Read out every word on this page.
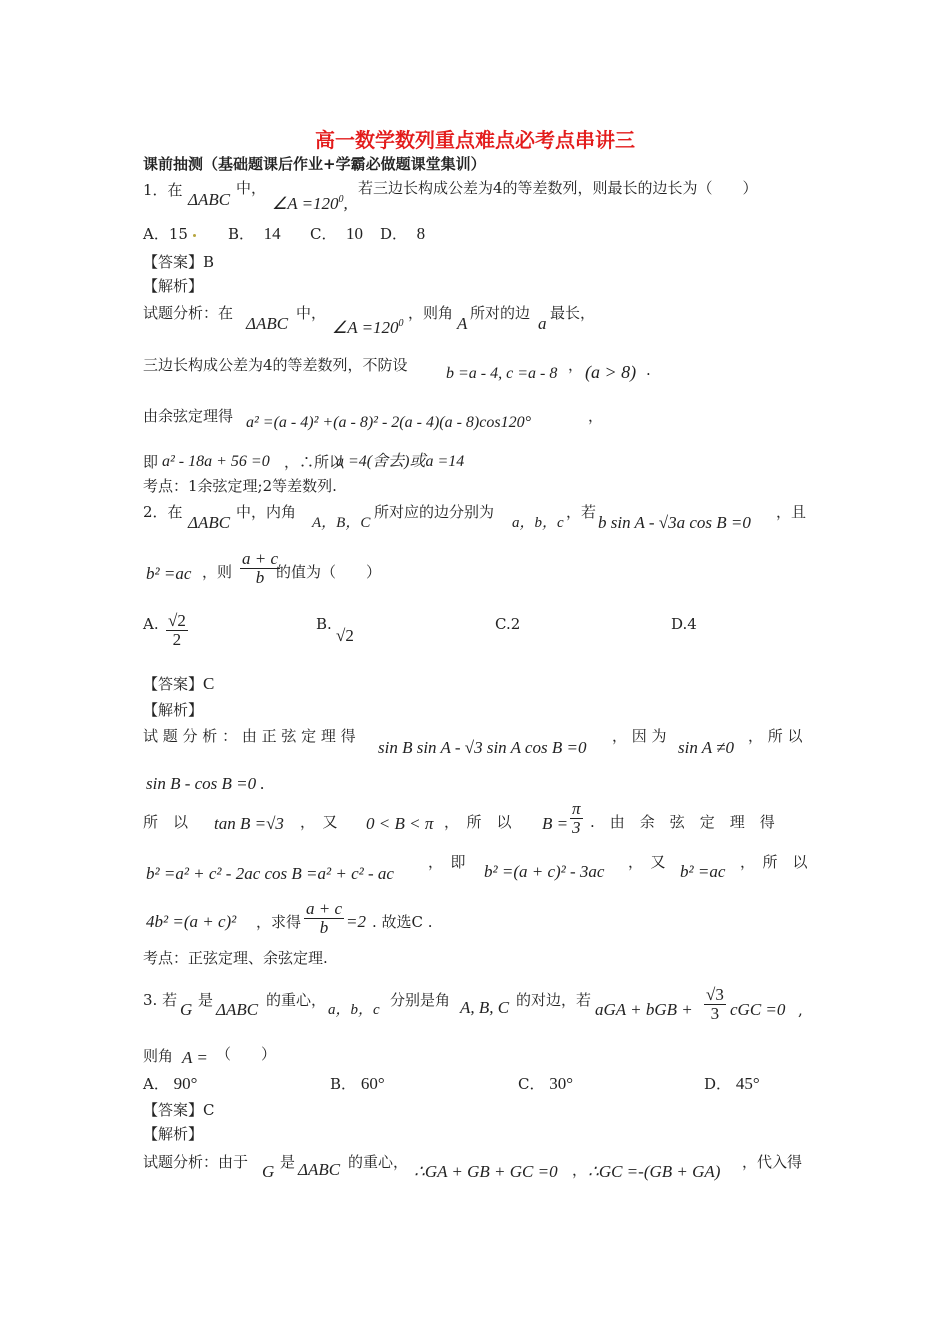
高一数学数列重点难点必考点串讲三
课前抽测（基础题课后作业+学霸必做题课堂集训）
1．在 ΔABC
中，
∠A $=120^0$,
若三边长构成公差为4的等差数列，则最长的边长为（　　）
A．15	B． 14 C． 10 D． 8
【答案】B
【解析】
试题分析：在
ΔABC
中，
∠A $=120^0$
，则角
A
所对的边
a
最长，
三边长构成公差为4的等差数列，不防设 b =a - 4, c =a - 8 ， (a > 8) .
由余弦定理得 a² =(a - 4)² +(a - 8)² - 2(a - 4)(a - 8)cos120°	，
即 a² - 18a + 56 =0 ，∴所以
a =4(舍去)或a =14
考点：1余弦定理;2等差数列.
2．在
ΔABC
中，内角
A，B，C
所对应的边分别为
a，b，c
，若
b sin A - √3a cos B =0
，且
b² =ac ，则 $\frac{a + c}{b}$
的值为（　　）
A. $\frac{√2}{2}$	B.
√2
C.2	D.4
【答案】C
【解析】
试 题 分 析 ： 由 正 弦 定 理 得
sin B sin A - √3 sin A cos B =0
， 因 为
sin A ≠0
， 所 以
sin B - cos B =0 .
所　以 tan B =√3 ，　又 0 < B < π ，　所　以 $B = \frac{\pi}{3}$ .　由　余　弦　定　理　得
b² =a² + c² - 2ac cos B =a² + c² - ac
，　即 b² =(a + c)² - 3ac ，　又 b² =ac ，　所　以
4b² =(a + c)² ，求得 $\frac{a + c}{b} =2$ . 故选C .
考点：正弦定理、余弦定理.
3. 若 G 是 ΔABC 的重心，
a，b，c
分别是角 A, B, C 的对边，若 aGA + bGB + $\frac{√3}{3}$ cGC =0 ,
则角 A = （　　）
A． 90°	B． 60°	C． 30°	D． 45°
【答案】C
【解析】
试题分析：由于 G 是 ΔABC 的重心， ∴GA + GB + GC =0 ， ∴GC =-(GB + GA) ，代入得
